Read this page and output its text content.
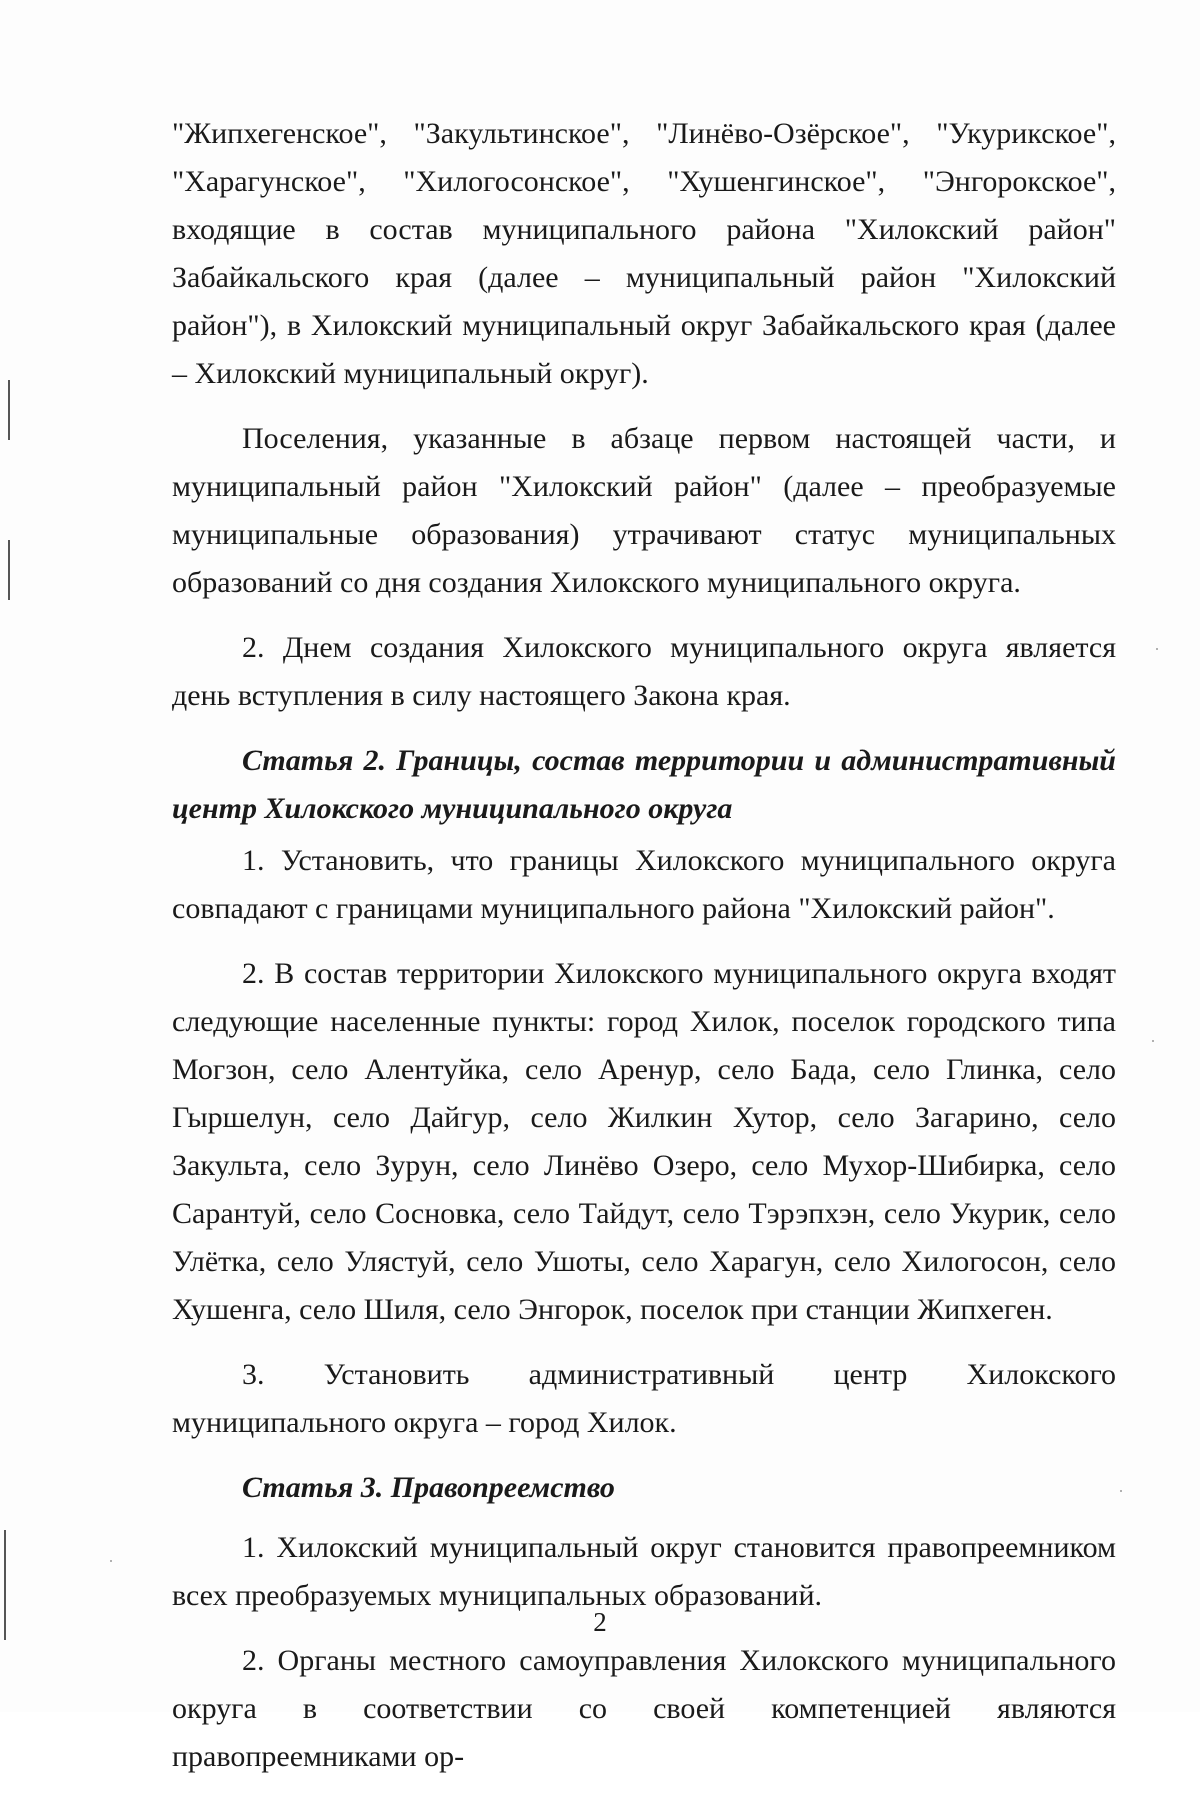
"Жипхегенское", "Закультинское", "Линёво-Озёрское", "Укурикское", "Харагунское", "Хилогосонское", "Хушенгинское", "Энгорокское", входящие в состав муниципального района "Хилокский район" Забайкальского края (далее – муниципальный район "Хилокский район"), в Хилокский муниципальный округ Забайкальского края (далее – Хилокский муниципальный округ).

Поселения, указанные в абзаце первом настоящей части, и муниципальный район "Хилокский район" (далее – преобразуемые муниципальные образования) утрачивают статус муниципальных образований со дня создания Хилокского муниципального округа.

2. Днем создания Хилокского муниципального округа является день вступления в силу настоящего Закона края.

Статья 2. Границы, состав территории и административный центр Хилокского муниципального округа

1. Установить, что границы Хилокского муниципального округа совпадают с границами муниципального района "Хилокский район".

2. В состав территории Хилокского муниципального округа входят следующие населенные пункты: город Хилок, поселок городского типа Могзон, село Алентуйка, село Аренур, село Бада, село Глинка, село Гыршелун, село Дайгур, село Жилкин Хутор, село Загарино, село Закульта, село Зурун, село Линёво Озеро, село Мухор-Шибирка, село Сарантуй, село Сосновка, село Тайдут, село Тэрэпхэн, село Укурик, село Улётка, село Улястуй, село Ушоты, село Харагун, село Хилогосон, село Хушенга, село Шиля, село Энгорок, поселок при станции Жипхеген.

3. Установить административный центр Хилокского муниципального округа – город Хилок.

Статья 3. Правопреемство

1. Хилокский муниципальный округ становится правопреемником всех преобразуемых муниципальных образований.

2. Органы местного самоуправления Хилокского муниципального округа в соответствии со своей компетенцией являются правопреемниками ор-

2
